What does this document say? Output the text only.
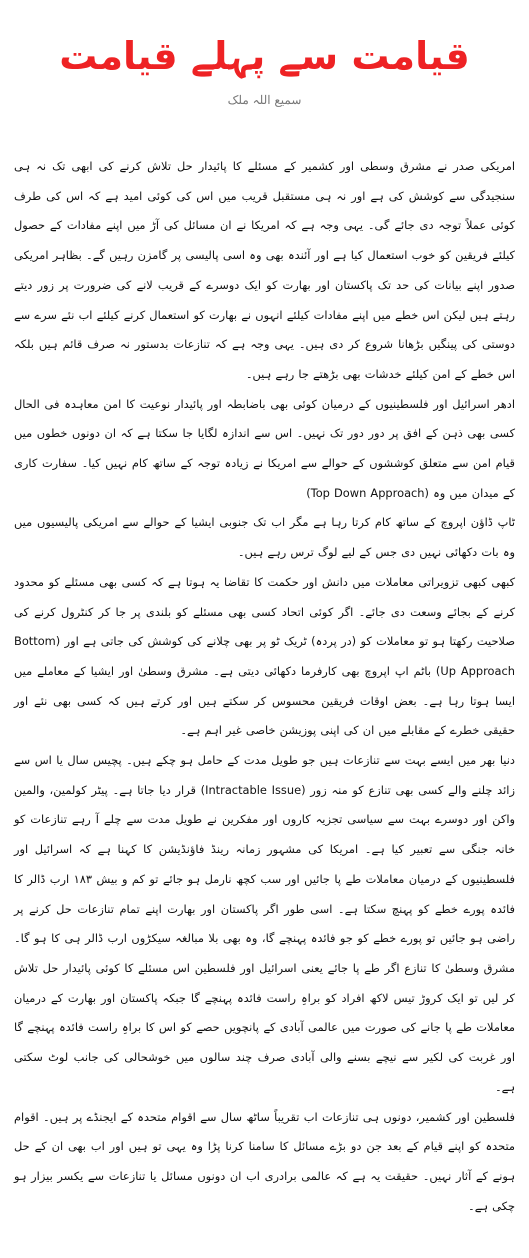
قیامت سے پہلے قیامت
سمیع اللہ ملک

امریکی صدر نے مشرق وسطی اور کشمیر کے مسئلے کا پائیدار حل تلاش کرنے کی ابھی تک نہ ہی سنجیدگی سے کوشش کی ہے اور نہ ہی مستقبل قریب میں اس کی کوئی امید ہے کہ اس کی طرف کوئی عملاً توجہ دی جائے گی۔ یہی وجہ ہے کہ امریکا نے ان مسائل کی آڑ میں اپنے مفادات کے حصول کیلئے فریقین کو خوب استعمال کیا ہے اور آئندہ بھی وہ اسی پالیسی پر گامزن رہیں گے۔ بظاہر امریکی صدور اپنے بیانات کی حد تک پاکستان اور بھارت کو ایک دوسرے کے قریب لانے کی ضرورت پر زور دیتے رہتے ہیں لیکن اس خطے میں اپنے مفادات کیلئے انہوں نے بھارت کو استعمال کرنے کیلئے اب نئے سرے سے دوستی کی پینگیں بڑھانا شروع کر دی ہیں۔ یہی وجہ ہے کہ تنازعات بدستور نہ صرف قائم ہیں بلکہ اس خطے کے امن کیلئے خدشات بھی بڑھتے جا رہے ہیں۔

ادھر اسرائیل اور فلسطینیوں کے درمیان کوئی بھی باضابطہ اور پائیدار نوعیت کا امن معاہدہ فی الحال کسی بھی ذہن کے افق پر دور دور تک نہیں۔ اس سے اندازہ لگایا جا سکتا ہے کہ ان دونوں خطوں میں قیام امن سے متعلق کوششوں کے حوالے سے امریکا نے زیادہ توجہ کے ساتھ کام نہیں کیا۔ سفارت کاری کے میدان میں وہ (Top Down Approach)

ٹاپ ڈاؤن اپروچ کے ساتھ کام کرتا رہا ہے مگر اب تک جنوبی ایشیا کے حوالے سے امریکی پالیسیوں میں وہ بات دکھائی نہیں دی جس کے لیے لوگ ترس رہے ہیں۔

کبھی کبھی تزویراتی معاملات میں دانش اور حکمت کا تقاضا یہ ہوتا ہے کہ کسی بھی مسئلے کو محدود کرنے کے بجائے وسعت دی جائے۔ اگر کوئی اتحاد کسی بھی مسئلے کو بلندی پر جا کر کنٹرول کرنے کی صلاحیت رکھتا ہو تو معاملات کو (در پردہ) ٹریک ٹو پر بھی چلانے کی کوشش کی جاتی ہے اور (Bottom Up Approach) باٹم اپ اپروچ بھی کارفرما دکھائی دیتی ہے۔ مشرق وسطیٰ اور ایشیا کے معاملے میں ایسا ہوتا رہا ہے۔ بعض اوقات فریقین محسوس کر سکتے ہیں اور کرتے ہیں کہ کسی بھی نئے اور حقیقی خطرے کے مقابلے میں ان کی اپنی پوزیشن خاصی غیر اہم ہے۔

دنیا بھر میں ایسے بہت سے تنازعات ہیں جو طویل مدت کے حامل ہو چکے ہیں۔ پچیس سال یا اس سے زائد چلنے والے کسی بھی تنازع کو منہ زور (Intractable Issue) قرار دیا جاتا ہے۔ پیٹر کولمین، والمین واکن اور دوسرے بہت سے سیاسی تجزیہ کاروں اور مفکرین نے طویل مدت سے چلے آ رہے تنازعات کو خانہ جنگی سے تعبیر کیا ہے۔ امریکا کی مشہور زمانہ رینڈ فاؤنڈیشن کا کہنا ہے کہ اسرائیل اور فلسطینیوں کے درمیان معاملات طے پا جائیں اور سب کچھ نارمل ہو جائے تو کم و بیش ۱۸۳ ارب ڈالر کا فائدہ پورے خطے کو پہنچ سکتا ہے۔ اسی طور اگر پاکستان اور بھارت اپنے تمام تنازعات حل کرنے پر راضی ہو جائیں تو پورے خطے کو جو فائدہ پہنچے گا، وہ بھی بلا مبالغہ سیکڑوں ارب ڈالر ہی کا ہو گا۔ مشرق وسطیٰ کا تنازع اگر طے پا جائے یعنی اسرائیل اور فلسطین اس مسئلے کا کوئی پائیدار حل تلاش کر لیں تو ایک کروڑ تیس لاکھ افراد کو براہِ راست فائدہ پہنچے گا جبکہ پاکستان اور بھارت کے درمیان معاملات طے پا جانے کی صورت میں عالمی آبادی کے پانچویں حصے کو اس کا براہِ راست فائدہ پہنچے گا اور غربت کی لکیر سے نیچے بسنے والی آبادی صرف چند سالوں میں خوشحالی کی جانب لوٹ سکتی ہے۔

فلسطین اور کشمیر، دونوں ہی تنازعات اب تقریباً ساٹھ سال سے اقوام متحدہ کے ایجنڈے پر ہیں۔ اقوام متحدہ کو اپنے قیام کے بعد جن دو بڑے مسائل کا سامنا کرنا پڑا وہ یہی تو ہیں اور اب بھی ان کے حل ہونے کے آثار نہیں۔ حقیقت یہ ہے کہ عالمی برادری اب ان دونوں مسائل یا تنازعات سے یکسر بیزار ہو چکی ہے۔
